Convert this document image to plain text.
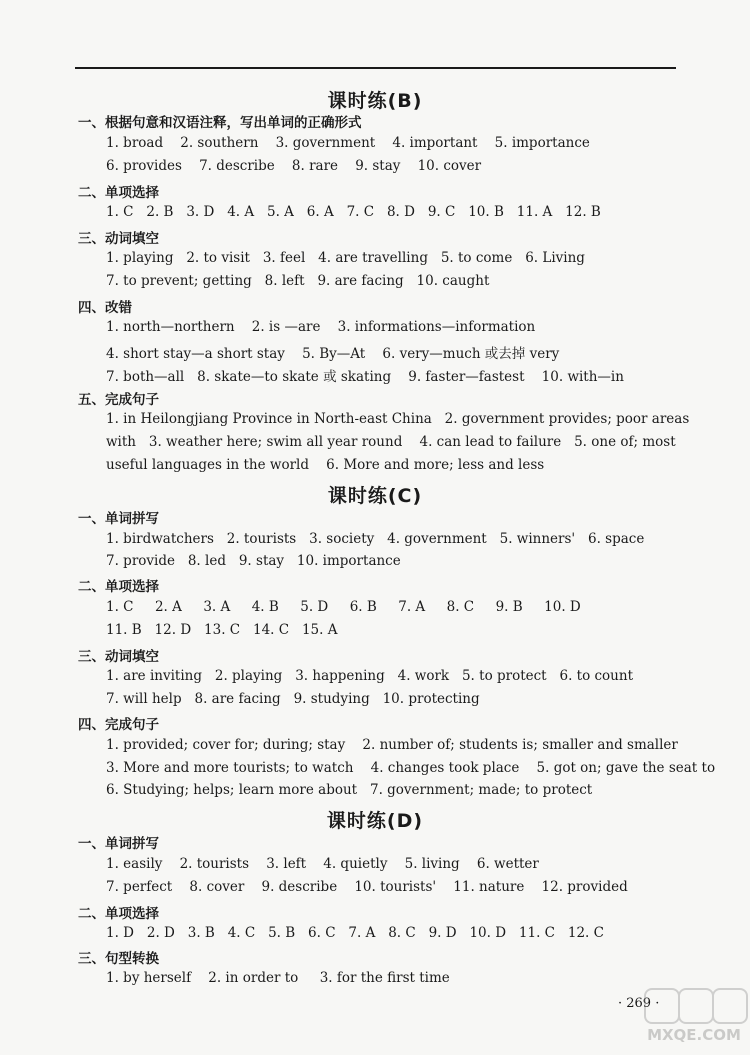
课时练(B)
一、根据句意和汉语注释，写出单词的正确形式
1. broad    2. southern    3. government    4. important    5. importance
6. provides    7. describe    8. rare    9. stay    10. cover
二、单项选择
1. C   2. B   3. D   4. A   5. A   6. A   7. C   8. D   9. C   10. B   11. A   12. B
三、动词填空
1. playing   2. to visit   3. feel   4. are travelling   5. to come   6. Living
7. to prevent; getting   8. left   9. are facing   10. caught
四、改错
1. north—northern    2. is —are    3. informations—information
4. short stay—a short stay    5. By—At    6. very—much 或去掉 very
7. both—all   8. skate—to skate 或 skating    9. faster—fastest    10. with—in
五、完成句子
1. in Heilongjiang Province in North-east China   2. government provides; poor areas
with   3. weather here; swim all year round    4. can lead to failure   5. one of; most
useful languages in the world    6. More and more; less and less
课时练(C)
一、单词拼写
1. birdwatchers   2. tourists   3. society   4. government   5. winners'   6. space
7. provide   8. led   9. stay   10. importance
二、单项选择
1. C     2. A     3. A     4. B     5. D     6. B     7. A     8. C     9. B     10. D
11. B   12. D   13. C   14. C   15. A
三、动词填空
1. are inviting   2. playing   3. happening   4. work   5. to protect   6. to count
7. will help   8. are facing   9. studying   10. protecting
四、完成句子
1. provided; cover for; during; stay    2. number of; students is; smaller and smaller
3. More and more tourists; to watch    4. changes took place    5. got on; gave the seat to
6. Studying; helps; learn more about   7. government; made; to protect
课时练(D)
一、单词拼写
1. easily    2. tourists    3. left    4. quietly    5. living    6. wetter
7. perfect    8. cover    9. describe    10. tourists'    11. nature    12. provided
二、单项选择
1. D   2. D   3. B   4. C   5. B   6. C   7. A   8. C   9. D   10. D   11. C   12. C
三、句型转换
1. by herself    2. in order to     3. for the first time
· 269 ·
MXQE.COM
